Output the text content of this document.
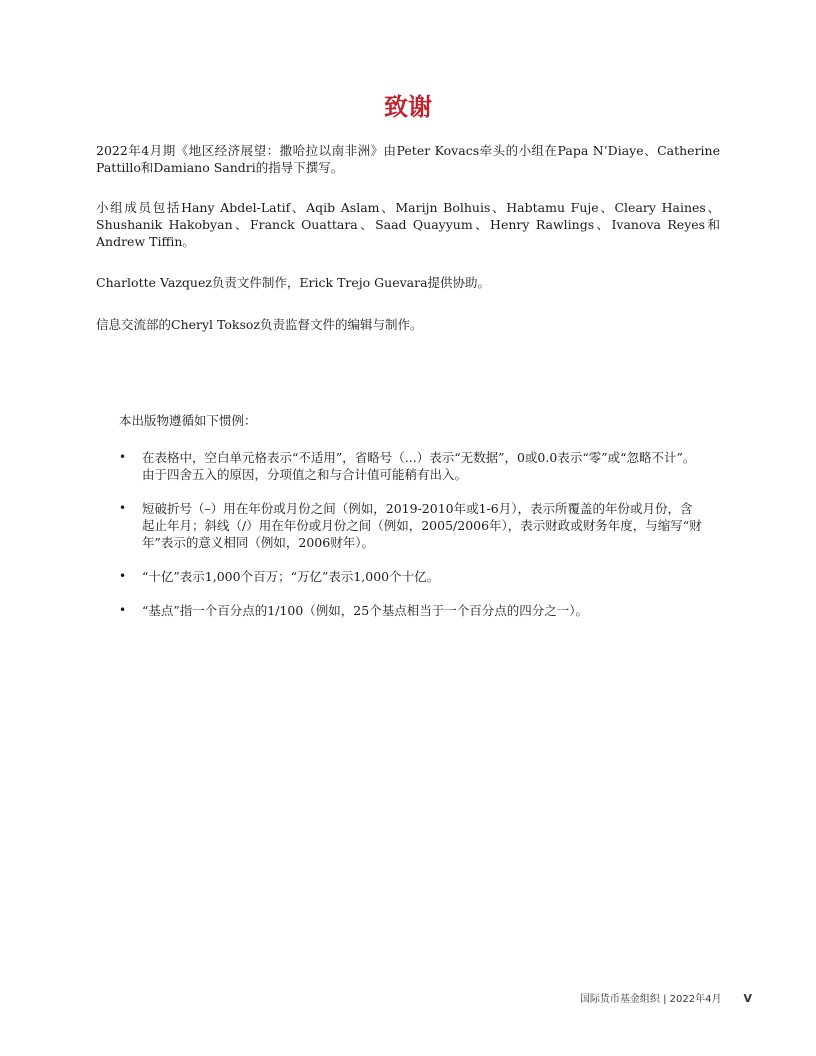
致谢

2022年4月期《地区经济展望：撒哈拉以南非洲》由Peter Kovacs牵头的小组在Papa N’Diaye、Catherine Pattillo和Damiano Sandri的指导下撰写。

小组成员包括Hany Abdel-Latif、Aqib Aslam、Marijn Bolhuis、Habtamu Fuje、Cleary Haines、Shushanik Hakobyan、Franck Ouattara、Saad Quayyum、Henry Rawlings、Ivanova Reyes和Andrew Tiffin。

Charlotte Vazquez负责文件制作，Erick Trejo Guevara提供协助。

信息交流部的Cheryl Toksoz负责监督文件的编辑与制作。

本出版物遵循如下惯例：

• 在表格中，空白单元格表示“不适用”，省略号（...）表示“无数据”，0或0.0表示“零”或“忽略不计”。由于四舍五入的原因，分项值之和与合计值可能稍有出入。
• 短破折号（–）用在年份或月份之间（例如，2019-2010年或1-6月），表示所覆盖的年份或月份，含起止年月；斜线（/）用在年份或月份之间（例如，2005/2006年），表示财政或财务年度，与缩写“财年”表示的意义相同（例如，2006财年）。
• “十亿”表示1,000个百万；“万亿”表示1,000个十亿。
• “基点”指一个百分点的1/100（例如，25个基点相当于一个百分点的四分之一）。
国际货币基金组织 | 2022年4月 V
